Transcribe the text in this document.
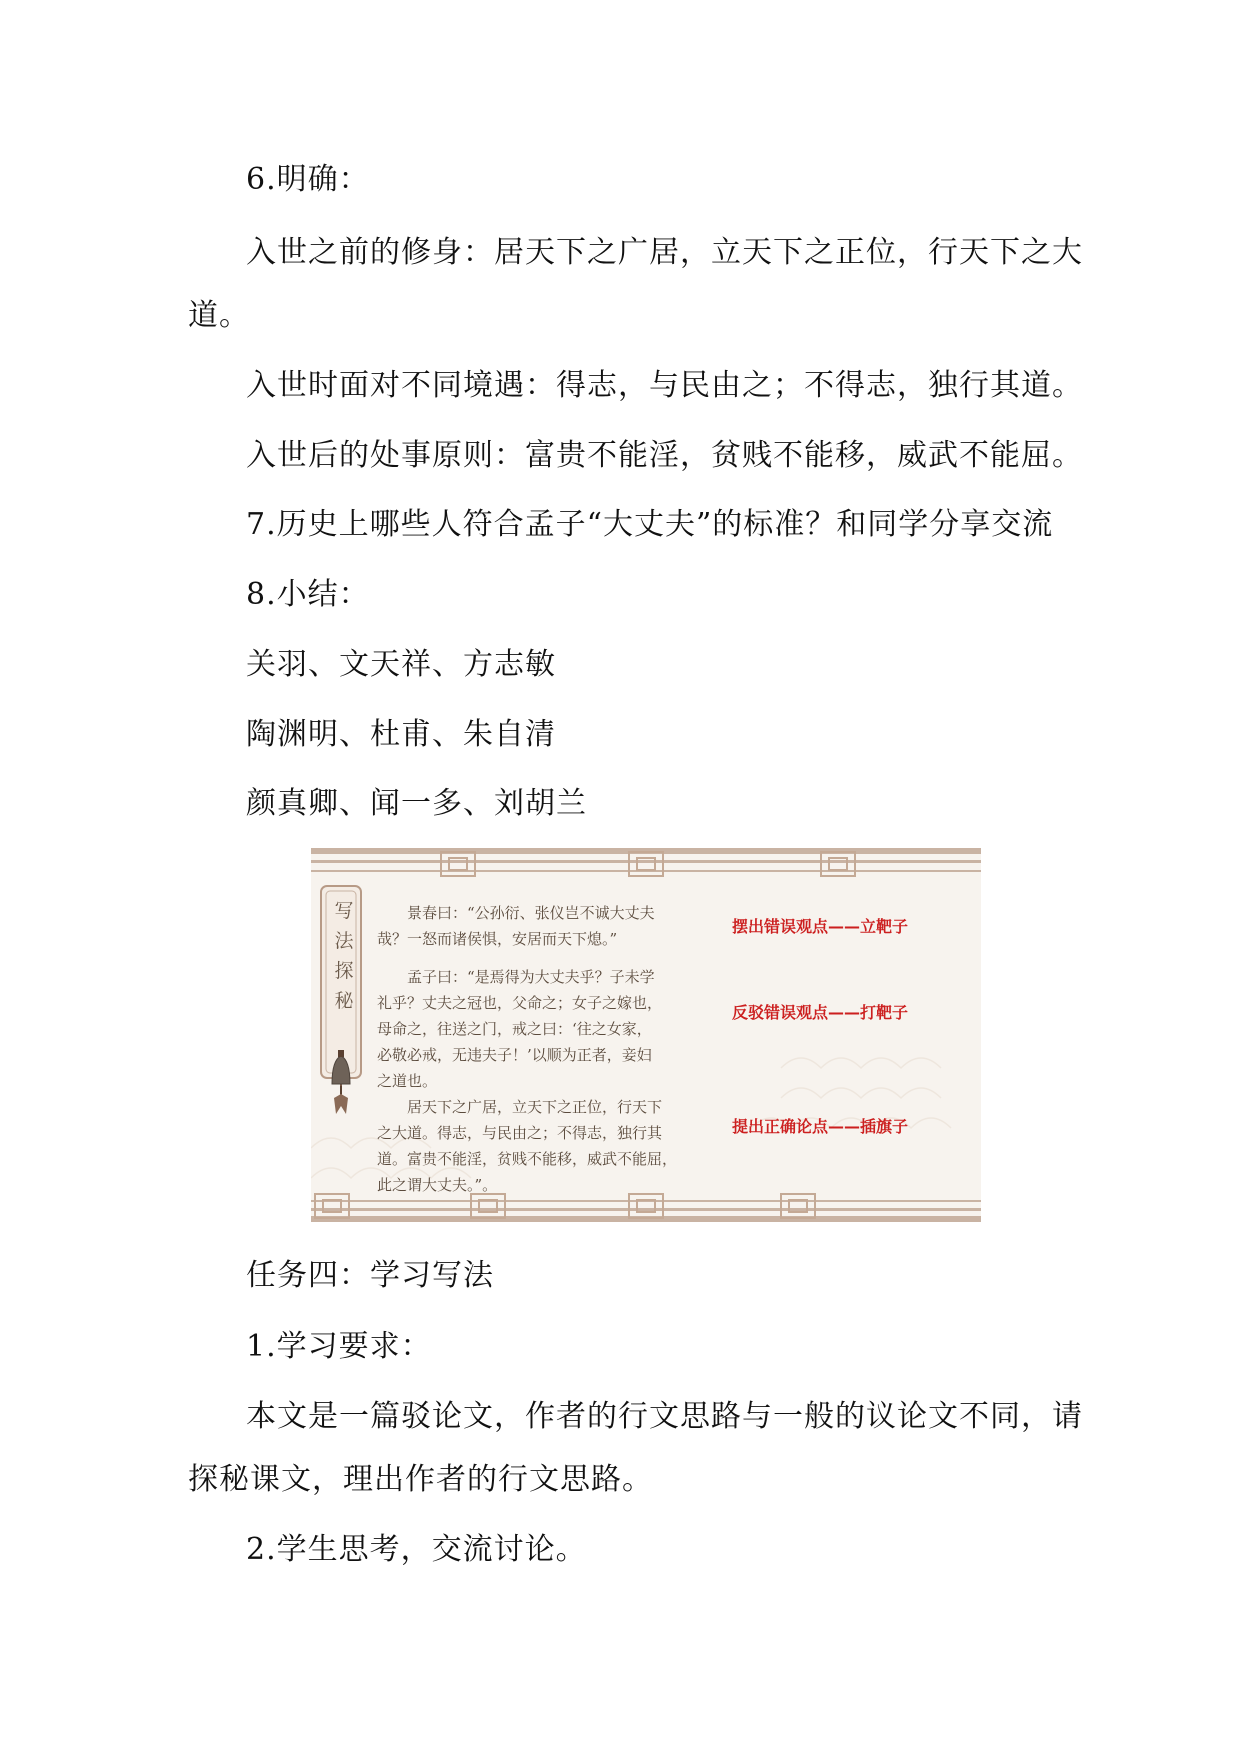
6.明确：
入世之前的修身：居天下之广居，立天下之正位，行天下之大
道。
入世时面对不同境遇：得志，与民由之；不得志，独行其道。
入世后的处事原则：富贵不能淫，贫贱不能移，威武不能屈。
7.历史上哪些人符合孟子“大丈夫”的标准？和同学分享交流
8.小结：
关羽、文天祥、方志敏
陶渊明、杜甫、朱自清
颜真卿、闻一多、刘胡兰
写
法
探
秘
景春曰：“公孙衍、张仪岂不诚大丈夫
哉？一怒而诸侯惧，安居而天下熄。”
孟子曰：“是焉得为大丈夫乎？子未学
礼乎？丈夫之冠也，父命之；女子之嫁也，
母命之，往送之门，戒之曰：‘往之女家，
必敬必戒，无违夫子！’以顺为正者，妾妇
之道也。
居天下之广居，立天下之正位，行天下
之大道。得志，与民由之；不得志，独行其
道。富贵不能淫，贫贱不能移，威武不能屈，
此之谓大丈夫。”。
摆出错误观点——立靶子
反驳错误观点——打靶子
提出正确论点——插旗子
任务四：学习写法
1.学习要求：
本文是一篇驳论文，作者的行文思路与一般的议论文不同，请
探秘课文，理出作者的行文思路。
2.学生思考，交流讨论。
